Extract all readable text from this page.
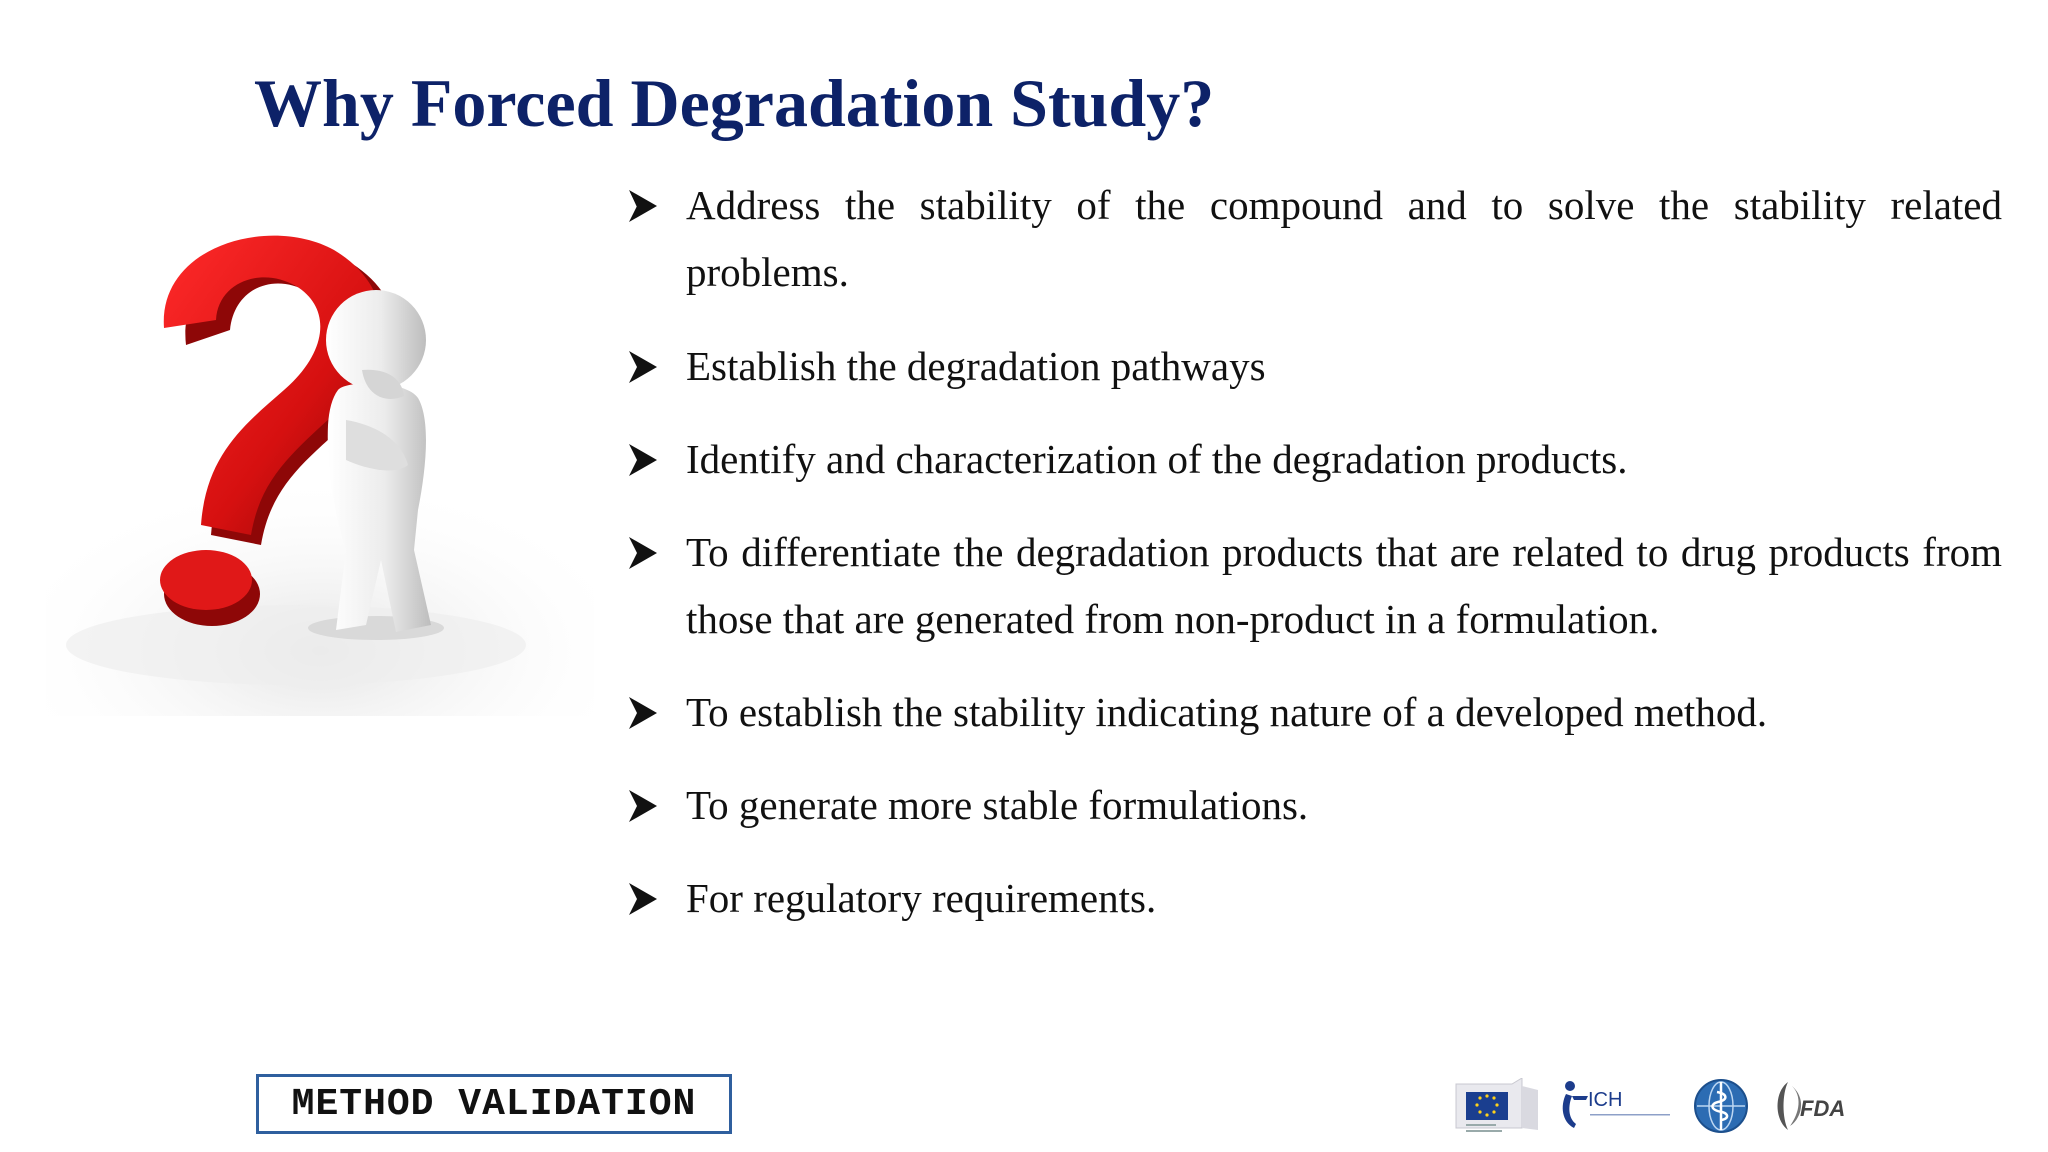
Why Forced Degradation Study?
Address the stability of the compound and to solve the stability related problems.
Establish the degradation pathways
Identify and characterization of the degradation products.
To differentiate the degradation products that are related to drug products from those that are generated from non-product in a formulation.
To establish the stability indicating nature of a developed method.
To generate more stable formulations.
For regulatory requirements.
METHOD VALIDATION	ICH	FDA
